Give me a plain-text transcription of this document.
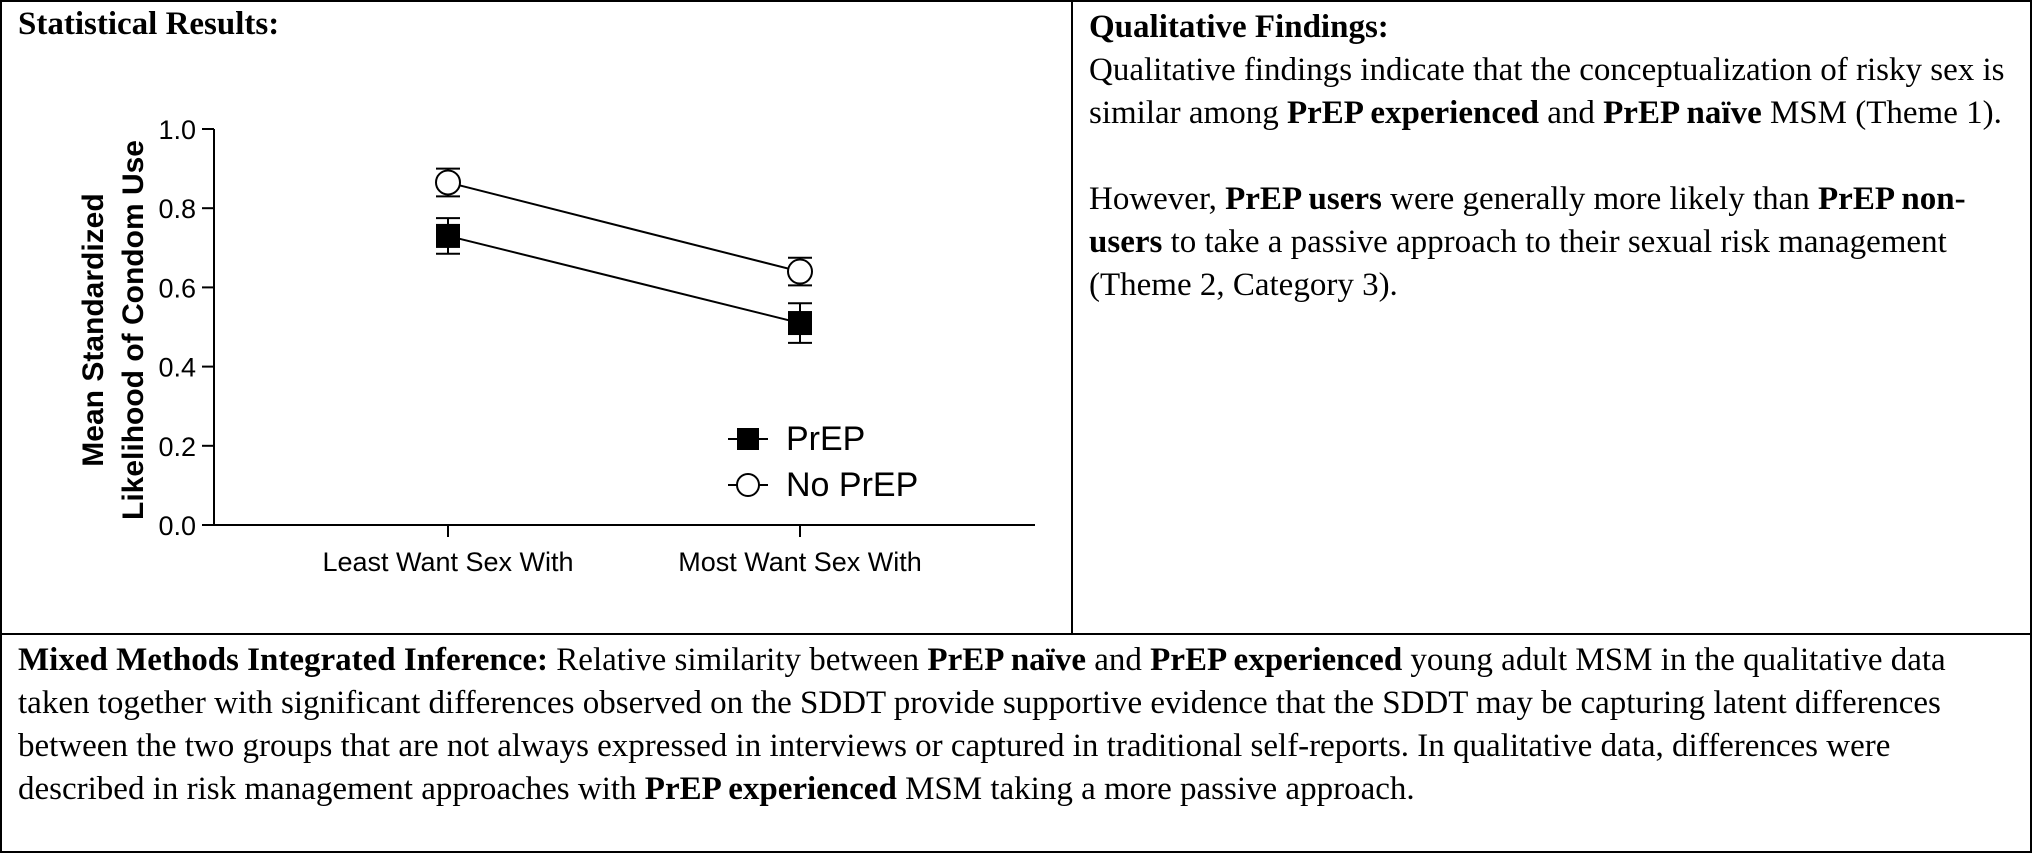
Statistical Results:
0.0
0.2
0.4
0.6
0.8
1.0
Least Want Sex With	Most Want Sex With
Mean Standardized Likelihood of Condom Use	PrEP
No PrEP
Qualitative Findings:

Qualitative findings indicate that the conceptualization of risky sex is similar among PrEP experienced and PrEP naïve MSM (Theme 1).

However, PrEP users were generally more likely than PrEP non-users to take a passive approach to their sexual risk management (Theme 2, Category 3).

Mixed Methods Integrated Inference: Relative similarity between PrEP naïve and PrEP experienced young adult MSM in the qualitative data taken together with significant differences observed on the SDDT provide supportive evidence that the SDDT may be capturing latent differences between the two groups that are not always expressed in interviews or captured in traditional self-reports. In qualitative data, differences were described in risk management approaches with PrEP experienced MSM taking a more passive approach.
